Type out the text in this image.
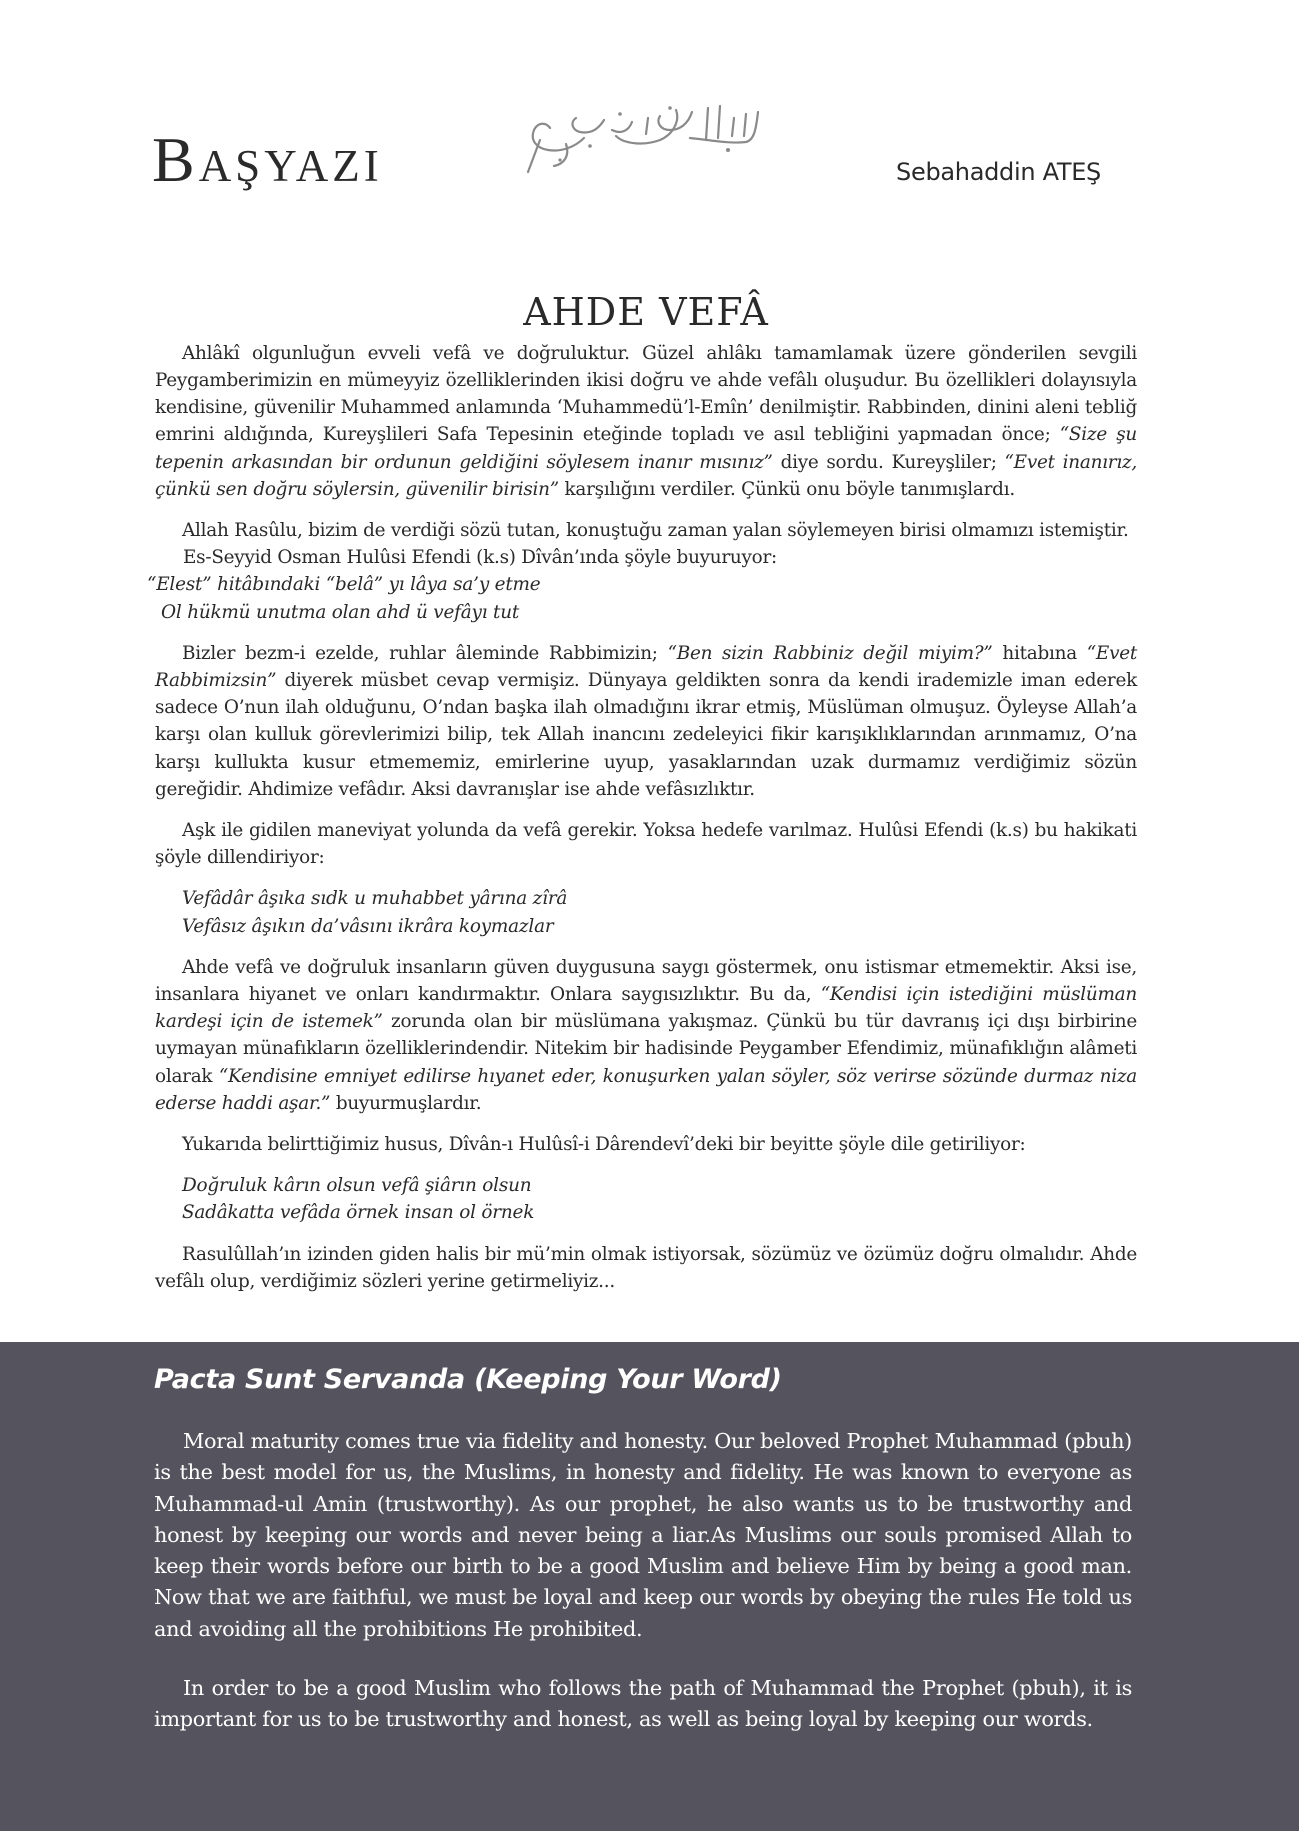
Başyazı	Sebahaddin ATEŞ
AHDE VEFÂ

Ahlâkî olgunluğun evveli vefâ ve doğruluktur. Güzel ahlâkı tamamlamak üzere gönderilen sevgili Peygamberimizin en mümeyyiz özelliklerinden ikisi doğru ve ahde vefâlı oluşudur. Bu özellikleri dolayısıyla kendisine, güvenilir Muhammed anlamında ‘Muhammedü’l-Emîn’ denilmiştir. Rabbinden, dinini aleni tebliğ emrini aldığında, Kureyşlileri Safa Tepesinin eteğinde topladı ve asıl tebliğini yapmadan önce; “Size şu tepenin arkasından bir ordunun geldiğini söylesem inanır mısınız” diye sordu. Kureyşliler; “Evet inanırız, çünkü sen doğru söylersin, güvenilir birisin” karşılığını verdiler. Çünkü onu böyle tanımışlardı.

Allah Rasûlu, bizim de verdiği sözü tutan, konuştuğu zaman yalan söylemeyen birisi olmamızı istemiştir.

Es-Seyyid Osman Hulûsi Efendi (k.s) Dîvân’ında şöyle buyuruyor:

“Elest” hitâbındaki “belâ” yı lâya sa’y etme
Ol hükmü unutma olan ahd ü vefâyı tut

Bizler bezm-i ezelde, ruhlar âleminde Rabbimizin; “Ben sizin Rabbiniz değil miyim?” hitabına “Evet Rabbimizsin” diyerek müsbet cevap vermişiz. Dünyaya geldikten sonra da kendi irademizle iman ederek sadece O’nun ilah olduğunu, O’ndan başka ilah olmadığını ikrar etmiş, Müslüman olmuşuz. Öyleyse Allah’a karşı olan kulluk görevlerimizi bilip, tek Allah inancını zedeleyici fikir karışıklıklarından arınmamız, O’na karşı kullukta kusur etmememiz, emirlerine uyup, yasaklarından uzak durmamız verdiğimiz sözün gereğidir. Ahdimize vefâdır. Aksi davranışlar ise ahde vefâsızlıktır.

Aşk ile gidilen maneviyat yolunda da vefâ gerekir. Yoksa hedefe varılmaz. Hulûsi Efendi (k.s) bu hakikati şöyle dillendiriyor:

Vefâdâr âşıka sıdk u muhabbet yârına zîrâ
Vefâsız âşıkın da’vâsını ikrâra koymazlar

Ahde vefâ ve doğruluk insanların güven duygusuna saygı göstermek, onu istismar etmemektir. Aksi ise, insanlara hiyanet ve onları kandırmaktır. Onlara saygısızlıktır. Bu da, “Kendisi için istediğini müslüman kardeşi için de istemek” zorunda olan bir müslümana yakışmaz. Çünkü bu tür davranış içi dışı birbirine uymayan münafıkların özelliklerindendir. Nitekim bir hadisinde Peygamber Efendimiz, münafıklığın alâmeti olarak “Kendisine emniyet edilirse hıyanet eder, konuşurken yalan söyler, söz verirse sözünde durmaz niza ederse haddi aşar.” buyurmuşlardır.

Yukarıda belirttiğimiz husus, Dîvân-ı Hulûsî-i Dârendevî’deki bir beyitte şöyle dile getiriliyor:

Doğruluk kârın olsun vefâ şiârın olsun
Sadâkatta vefâda örnek insan ol örnek

Rasulûllah’ın izinden giden halis bir mü’min olmak istiyorsak, sözümüz ve özümüz doğru olmalıdır. Ahde vefâlı olup, verdiğimiz sözleri yerine getirmeliyiz...

Pacta Sunt Servanda (Keeping Your Word)

Moral maturity comes true via fidelity and honesty. Our beloved Prophet Muhammad (pbuh) is the best model for us, the Muslims, in honesty and fidelity. He was known to everyone as Muhammad-ul Amin (trustworthy). As our prophet, he also wants us to be trustworthy and honest by keeping our words and never being a liar.As Muslims our souls promised Allah to keep their words before our birth to be a good Muslim and believe Him by being a good man. Now that we are faithful, we must be loyal and keep our words by obeying the rules He told us and avoiding all the prohibitions He prohibited.

In order to be a good Muslim who follows the path of Muhammad the Prophet (pbuh), it is important for us to be trustworthy and honest, as well as being loyal by keeping our words.
